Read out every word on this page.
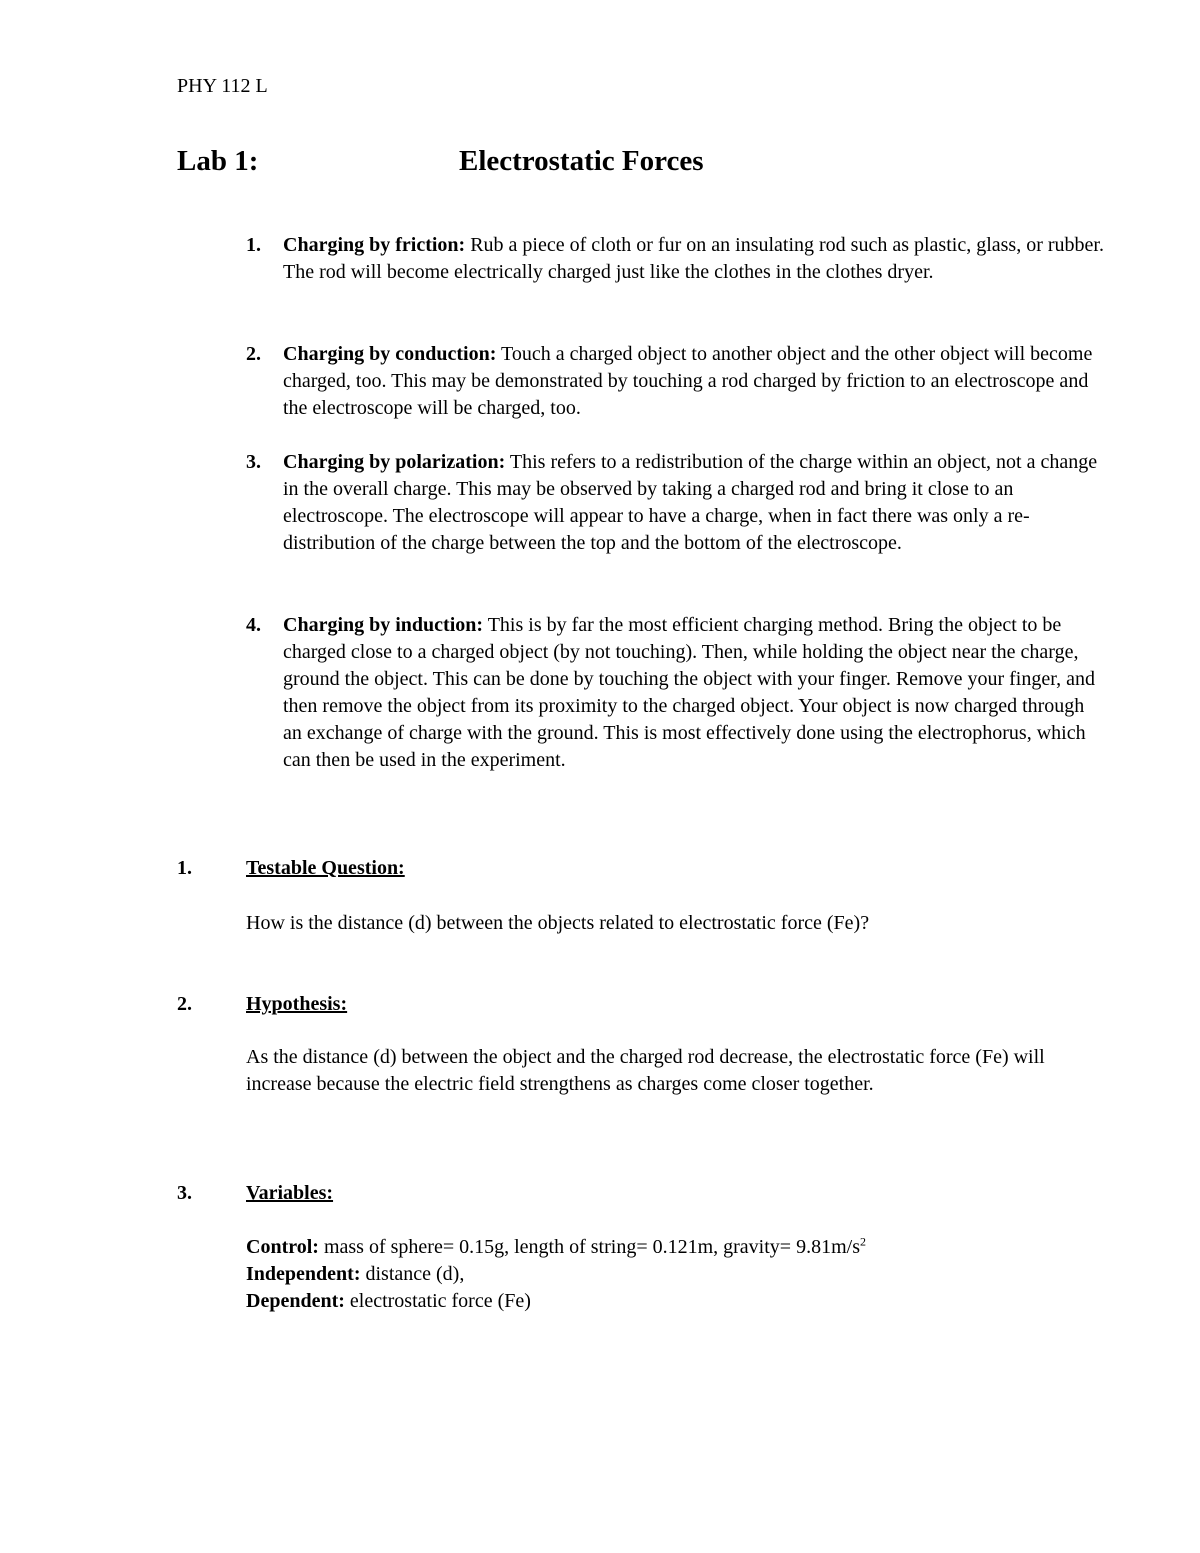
PHY 112 L
Lab 1:	Electrostatic Forces
1. Charging by friction: Rub a piece of cloth or fur on an insulating rod such as plastic, glass, or rubber. The rod will become electrically charged just like the clothes in the clothes dryer.
2. Charging by conduction: Touch a charged object to another object and the other object will become charged, too. This may be demonstrated by touching a rod charged by friction to an electroscope and the electroscope will be charged, too.
3. Charging by polarization: This refers to a redistribution of the charge within an object, not a change in the overall charge. This may be observed by taking a charged rod and bring it close to an electroscope. The electroscope will appear to have a charge, when in fact there was only a re-distribution of the charge between the top and the bottom of the electroscope.
4. Charging by induction: This is by far the most efficient charging method. Bring the object to be charged close to a charged object (by not touching). Then, while holding the object near the charge, ground the object. This can be done by touching the object with your finger. Remove your finger, and then remove the object from its proximity to the charged object. Your object is now charged through an exchange of charge with the ground. This is most effectively done using the electrophorus, which can then be used in the experiment.
1.	Testable Question:
How is the distance (d) between the objects related to electrostatic force (Fe)?
2.	Hypothesis:
As the distance (d) between the object and the charged rod decrease, the electrostatic force (Fe) will increase because the electric field strengthens as charges come closer together.
3.	Variables:
Control: mass of sphere= 0.15g, length of string= 0.121m, gravity= $9.81m/s^2$
Independent: distance (d),
Dependent: electrostatic force (Fe)
